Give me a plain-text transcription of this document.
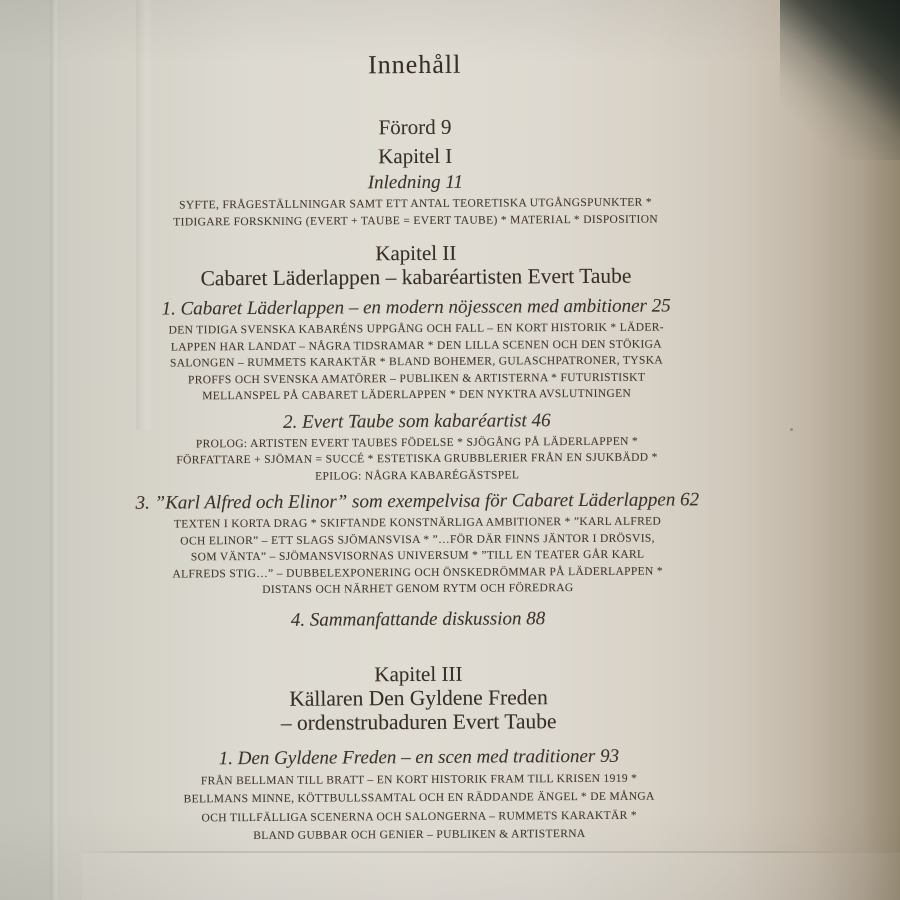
Innehåll
Förord 9
Kapitel I
Inledning 11
SYFTE, FRÅGESTÄLLNINGAR SAMT ETT ANTAL TEORETISKA UTGÅNGSPUNKTER *
TIDIGARE FORSKNING (EVERT + TAUBE = EVERT TAUBE) * MATERIAL * DISPOSITION
Kapitel II
Cabaret Läderlappen – kabaréartisten Evert Taube
1. Cabaret Läderlappen – en modern nöjesscen med ambitioner 25
DEN TIDIGA SVENSKA KABARÉNS UPPGÅNG OCH FALL – EN KORT HISTORIK * LÄDER-
LAPPEN HAR LANDAT – NÅGRA TIDSRAMAR * DEN LILLA SCENEN OCH DEN STÖKIGA
SALONGEN – RUMMETS KARAKTÄR * BLAND BOHEMER, GULASCHPATRONER, TYSKA
PROFFS OCH SVENSKA AMATÖRER – PUBLIKEN & ARTISTERNA * FUTURISTISKT
MELLANSPEL PÅ CABARET LÄDERLAPPEN * DEN NYKTRA AVSLUTNINGEN
2. Evert Taube som kabaréartist 46
PROLOG: ARTISTEN EVERT TAUBES FÖDELSE * SJÖGÅNG PÅ LÄDERLAPPEN *
FÖRFATTARE + SJÖMAN = SUCCÉ * ESTETISKA GRUBBLERIER FRÅN EN SJUKBÄDD *
EPILOG: NÅGRA KABARÉGÄSTSPEL
3. ”Karl Alfred och Elinor” som exempelvisa för Cabaret Läderlappen 62
TEXTEN I KORTA DRAG * SKIFTANDE KONSTNÄRLIGA AMBITIONER * ”KARL ALFRED
OCH ELINOR” – ETT SLAGS SJÖMANSVISA * ”…FÖR DÄR FINNS JÄNTOR I DRÖSVIS,
SOM VÄNTA” – SJÖMANSVISORNAS UNIVERSUM * ”TILL EN TEATER GÅR KARL
ALFREDS STIG…” – DUBBELEXPONERING OCH ÖNSKEDRÖMMAR PÅ LÄDERLAPPEN *
DISTANS OCH NÄRHET GENOM RYTM OCH FÖREDRAG
4. Sammanfattande diskussion 88
Kapitel III
Källaren Den Gyldene Freden
– ordenstrubaduren Evert Taube
1. Den Gyldene Freden – en scen med traditioner 93
FRÅN BELLMAN TILL BRATT – EN KORT HISTORIK FRAM TILL KRISEN 1919 *
BELLMANS MINNE, KÖTTBULLSSAMTAL OCH EN RÄDDANDE ÄNGEL * DE MÅNGA
OCH TILLFÄLLIGA SCENERNA OCH SALONGERNA – RUMMETS KARAKTÄR *
BLAND GUBBAR OCH GENIER – PUBLIKEN & ARTISTERNA
